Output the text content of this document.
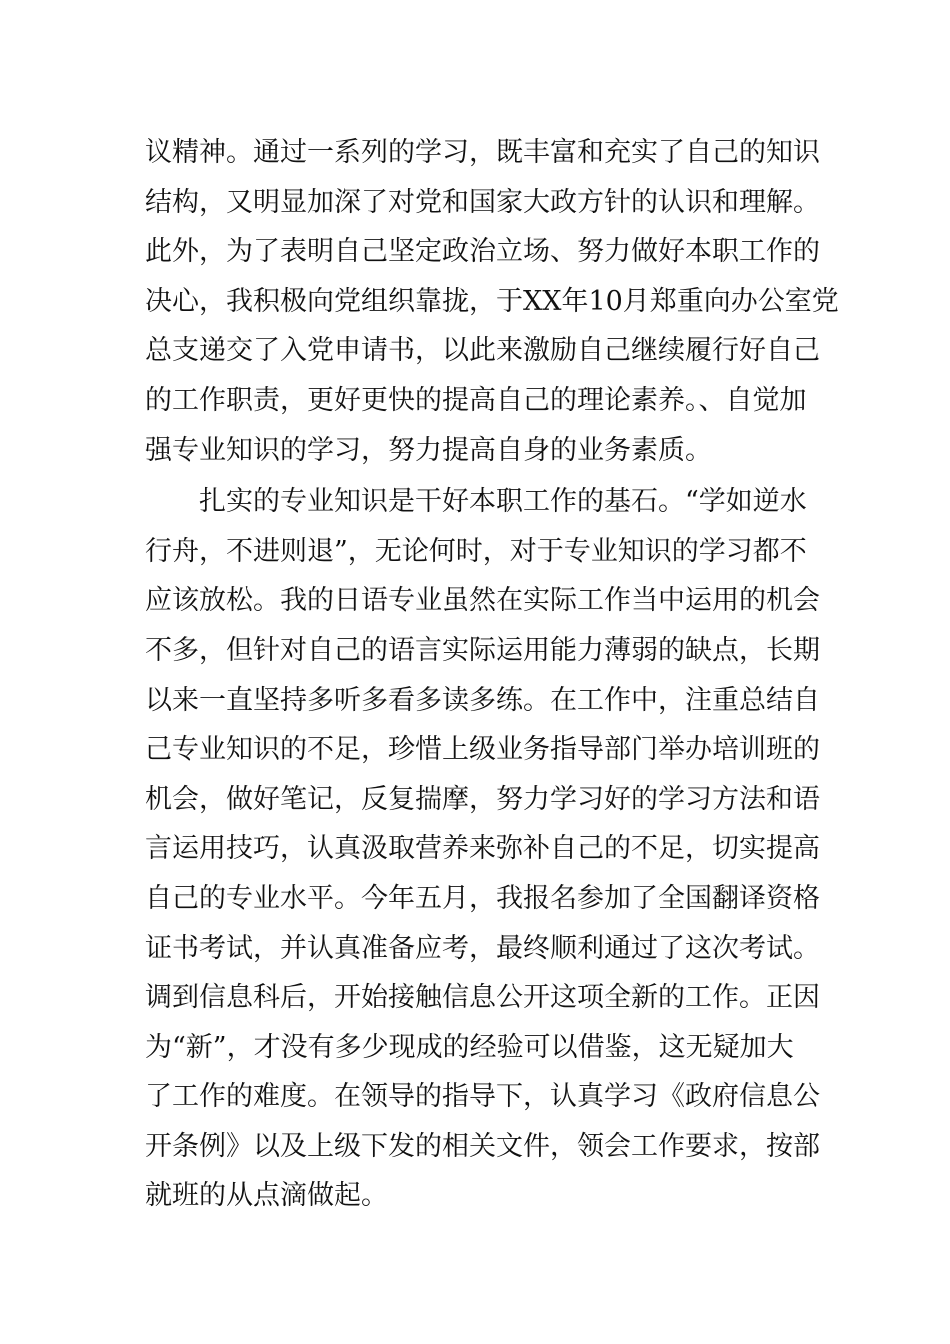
议精神。通过一系列的学习，既丰富和充实了自己的知识
结构，又明显加深了对党和国家大政方针的认识和理解。
此外，为了表明自己坚定政治立场、努力做好本职工作的
决心，我积极向党组织靠拢，于XX年10月郑重向办公室党
总支递交了入党申请书，以此来激励自己继续履行好自己
的工作职责，更好更快的提高自己的理论素养。、自觉加
强专业知识的学习，努力提高自身的业务素质。
扎实的专业知识是干好本职工作的基石。“学如逆水
行舟，不进则退”，无论何时，对于专业知识的学习都不
应该放松。我的日语专业虽然在实际工作当中运用的机会
不多，但针对自己的语言实际运用能力薄弱的缺点，长期
以来一直坚持多听多看多读多练。在工作中，注重总结自
己专业知识的不足，珍惜上级业务指导部门举办培训班的
机会，做好笔记，反复揣摩，努力学习好的学习方法和语
言运用技巧，认真汲取营养来弥补自己的不足，切实提高
自己的专业水平。今年五月，我报名参加了全国翻译资格
证书考试，并认真准备应考，最终顺利通过了这次考试。
调到信息科后，开始接触信息公开这项全新的工作。正因
为“新”，才没有多少现成的经验可以借鉴，这无疑加大
了工作的难度。在领导的指导下，认真学习《政府信息公
开条例》以及上级下发的相关文件，领会工作要求，按部
就班的从点滴做起。
